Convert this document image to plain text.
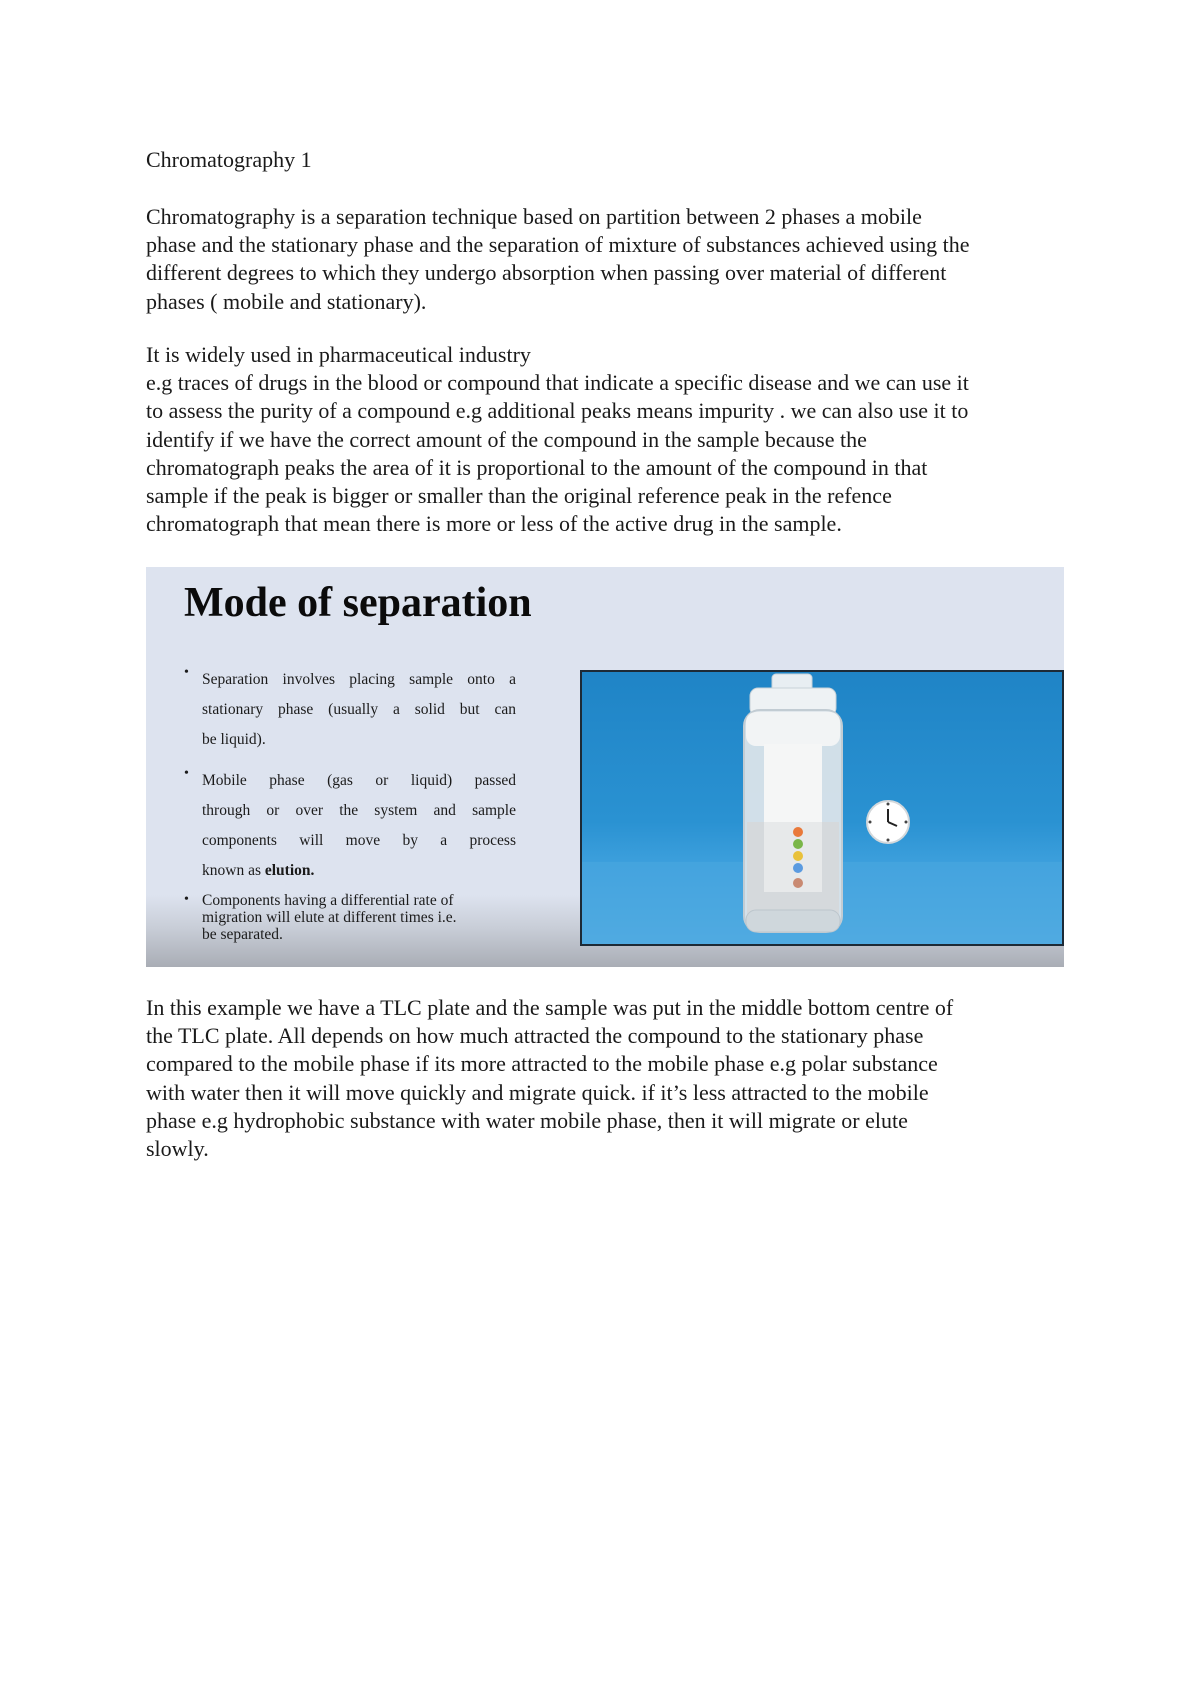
Chromatography 1
Chromatography is a separation technique based on partition between 2 phases a mobile
phase and the stationary phase and the separation of mixture of substances achieved using the
different degrees to which they undergo absorption when passing over material of different
phases ( mobile and stationary).
It is widely used in pharmaceutical industry
e.g traces of drugs in the blood or compound that indicate a specific disease and we can use it
to assess the purity of a compound e.g additional peaks means impurity . we can also use it to
identify if we have the correct amount of the compound in the sample because the
chromatograph peaks the area of it is proportional to the amount of the compound in that
sample if the peak is bigger or smaller than the original reference peak in the refence
chromatograph that mean there is more or less of the active drug in the sample.
Mode of separation
• Separation involves placing sample onto a
stationary phase (usually a solid but can
be liquid).
• Mobile phase (gas or liquid) passed
through or over the system and sample
components will move by a process
known as elution.
• Components having a differential rate of
migration will elute at different times i.e.
be separated.
In this example we have a TLC plate and the sample was put in the middle bottom centre of
the TLC plate. All depends on how much attracted the compound to the stationary phase
compared to the mobile phase if its more attracted to the mobile phase e.g polar substance
with water then it will move quickly and migrate quick. if it’s less attracted to the mobile
phase e.g hydrophobic substance with water mobile phase, then it will migrate or elute
slowly.
